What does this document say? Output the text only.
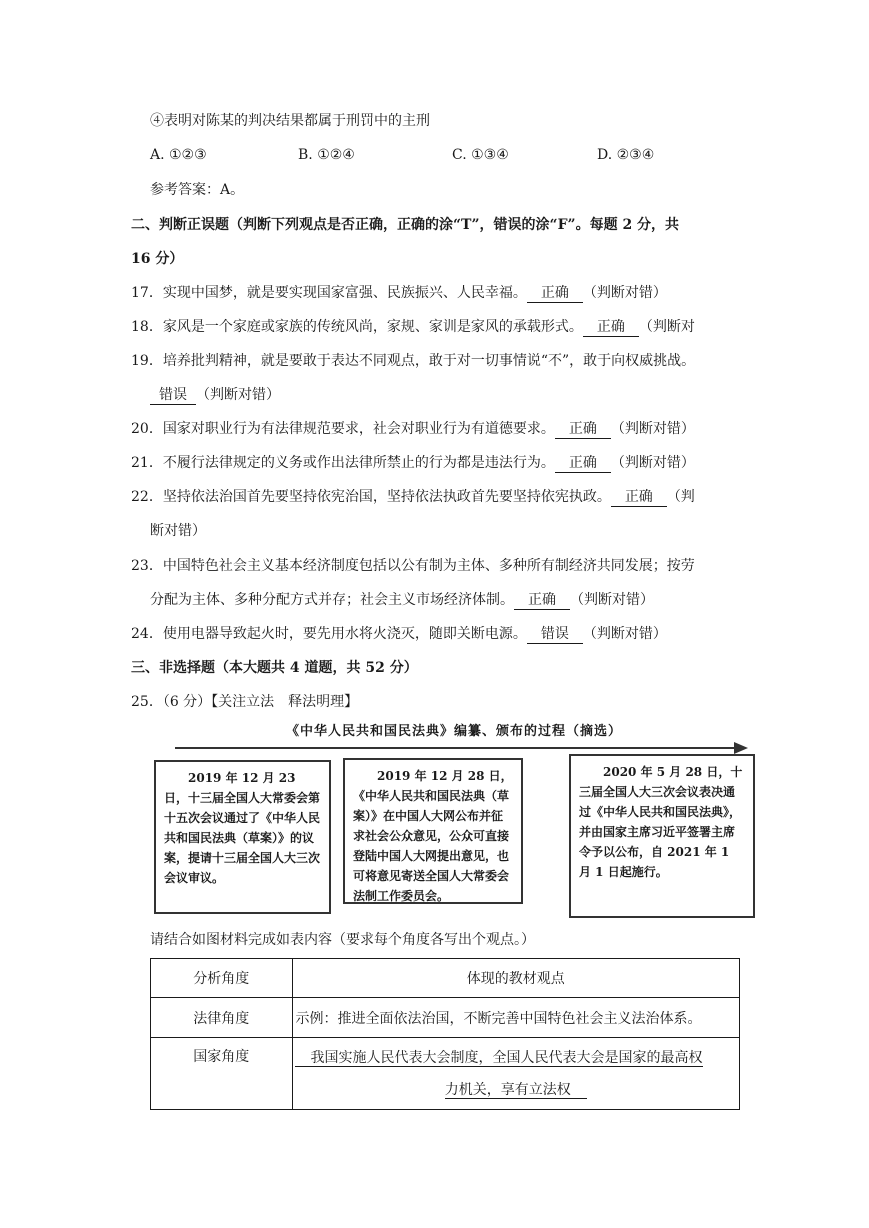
④表明对陈某的判决结果都属于刑罚中的主刑
A. ①②③	B. ①②④	C. ①③④	D. ②③④
参考答案：A。
二、判断正误题（判断下列观点是否正确，正确的涂“T”，错误的涂“F”。每题 2 分，共
16 分）
17．实现中国梦，就是要实现国家富强、民族振兴、人民幸福。 正确 （判断对错）
18．家风是一个家庭或家族的传统风尚，家规、家训是家风的承载形式。 正确 （判断对
19．培养批判精神，就是要敢于表达不同观点，敢于对一切事情说“不”，敢于向权威挑战。
错误 （判断对错）
20．国家对职业行为有法律规范要求，社会对职业行为有道德要求。 正确 （判断对错）
21．不履行法律规定的义务或作出法律所禁止的行为都是违法行为。 正确 （判断对错）
22．坚持依法治国首先要坚持依宪治国，坚持依法执政首先要坚持依宪执政。 正确 （判
断对错）
23．中国特色社会主义基本经济制度包括以公有制为主体、多种所有制经济共同发展；按劳
分配为主体、多种分配方式并存；社会主义市场经济体制。 正确 （判断对错）
24．使用电器导致起火时，要先用水将火浇灭，随即关断电源。 错误 （判断对错）
三、非选择题（本大题共 4 道题，共 52 分）
25．（6 分）【关注立法　释法明理】
《中华人民共和国民法典》编纂、颁布的过程（摘选）
2019 年 12 月 23 日，十三届全国人大常委会第十五次会议通过了《中华人民共和国民法典（草案）》的议案，提请十三届全国人大三次会议审议。
2019 年 12 月 28 日，《中华人民共和国民法典（草案）》在中国人大网公布并征求社会公众意见，公众可直接登陆中国人大网提出意见，也可将意见寄送全国人大常委会法制工作委员会。
2020 年 5 月 28 日，十三届全国人大三次会议表决通过《中华人民共和国民法典》，并由国家主席习近平签署主席令予以公布，自 2021 年 1 月 1 日起施行。
请结合如图材料完成如表内容（要求每个角度各写出个观点。）
分析角度	体现的教材观点
法律角度	示例：推进全面依法治国，不断完善中国特色社会主义法治体系。
国家角度	我国实施人民代表大会制度，全国人民代表大会是国家的最高权
力机关，享有立法权
